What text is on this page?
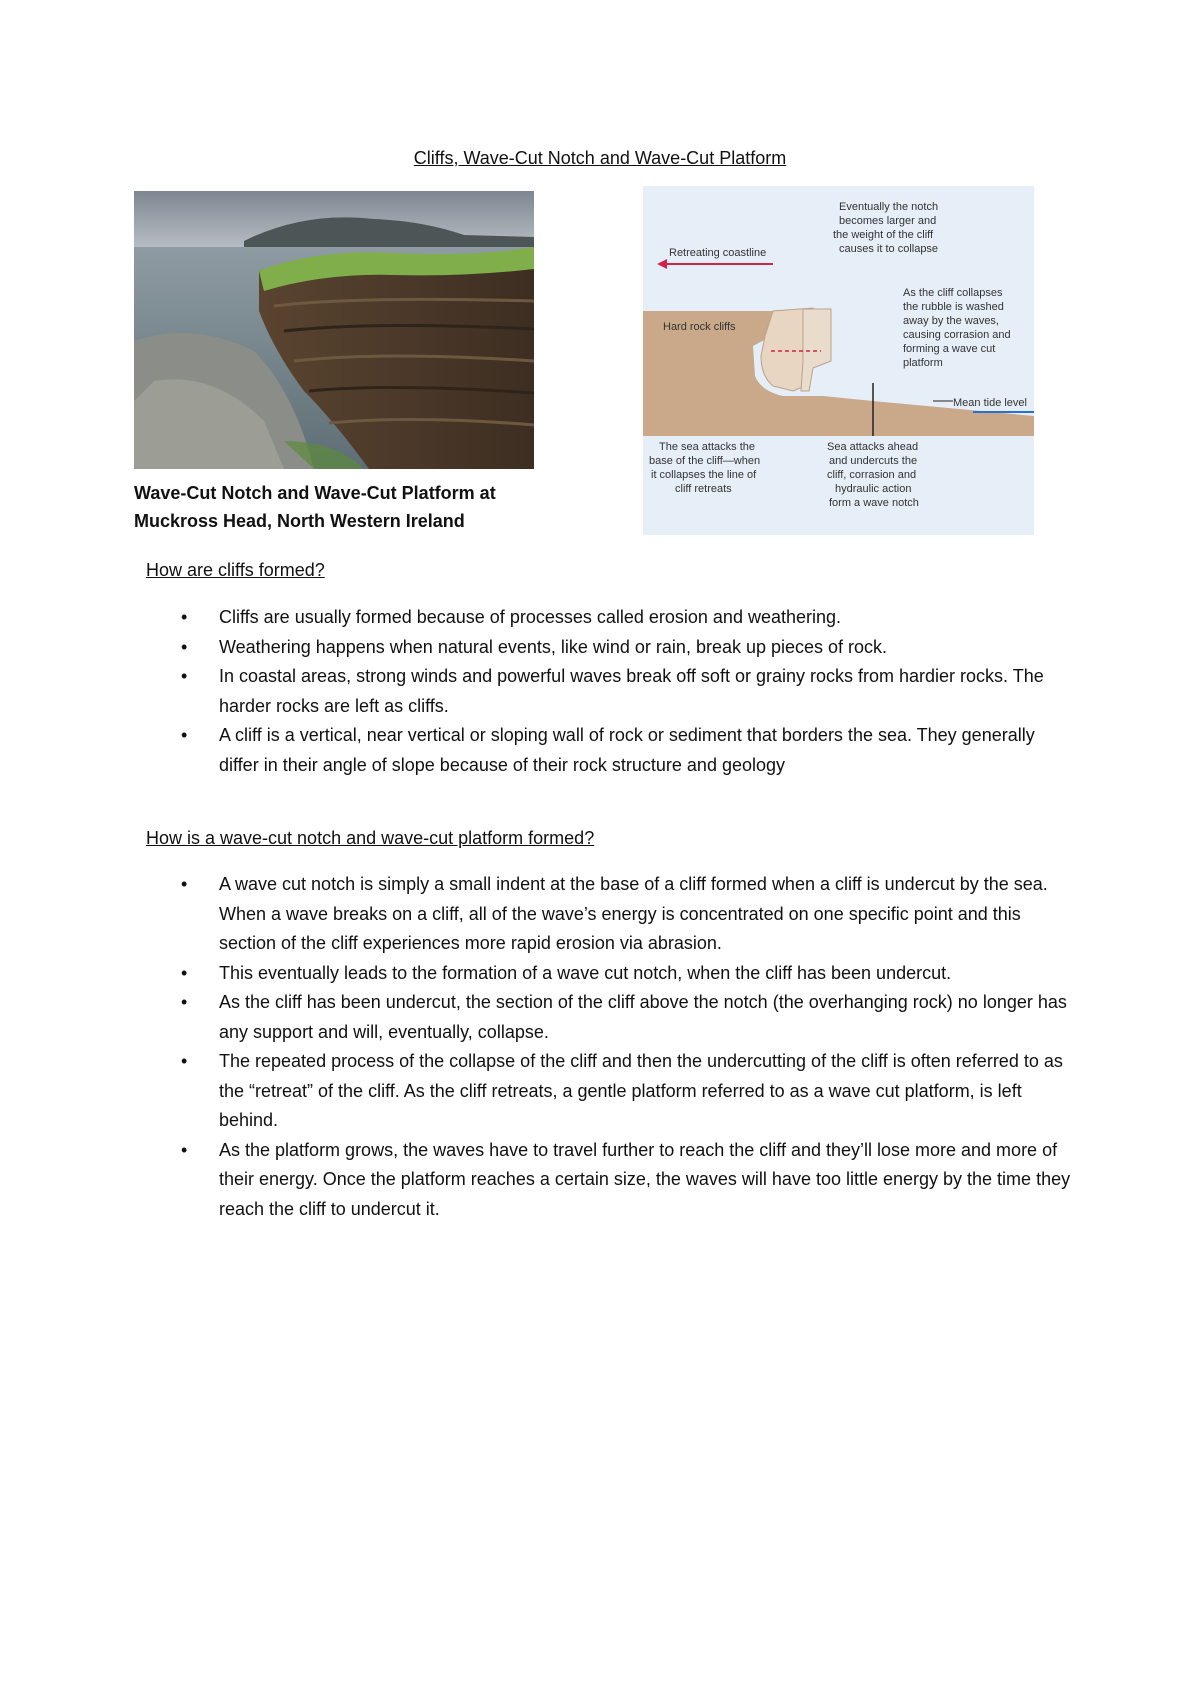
Cliffs, Wave-Cut Notch and Wave-Cut Platform
Wave-Cut Notch and Wave-Cut Platform at
Muckross Head, North Western Ireland
Retreating coastline
Eventually the notch
becomes larger and
the weight of the cliff
causes it to collapse
As the cliff collapses
the rubble is washed
away by the waves,
causing corrasion and
forming a wave cut
platform
Hard rock cliffs
Mean tide level
The sea attacks the
base of the cliff—when
it collapses the line of
cliff retreats
Sea attacks ahead
and undercuts the
cliff, corrasion and
hydraulic action
form a wave notch
How are cliffs formed?
• Cliffs are usually formed because of processes called erosion and weathering.
• Weathering happens when natural events, like wind or rain, break up pieces of rock.
• In coastal areas, strong winds and powerful waves break off soft or grainy rocks from hardier rocks. The harder rocks are left as cliffs.
• A cliff is a vertical, near vertical or sloping wall of rock or sediment that borders the sea. They generally differ in their angle of slope because of their rock structure and geology
How is a wave-cut notch and wave-cut platform formed?
• A wave cut notch is simply a small indent at the base of a cliff formed when a cliff is undercut by the sea. When a wave breaks on a cliff, all of the wave’s energy is concentrated on one specific point and this section of the cliff experiences more rapid erosion via abrasion.
• This eventually leads to the formation of a wave cut notch, when the cliff has been undercut.
• As the cliff has been undercut, the section of the cliff above the notch (the overhanging rock) no longer has any support and will, eventually, collapse.
• The repeated process of the collapse of the cliff and then the undercutting of the cliff is often referred to as the “retreat” of the cliff. As the cliff retreats, a gentle platform referred to as a wave cut platform, is left behind.
• As the platform grows, the waves have to travel further to reach the cliff and they’ll lose more and more of their energy. Once the platform reaches a certain size, the waves will have too little energy by the time they reach the cliff to undercut it.
